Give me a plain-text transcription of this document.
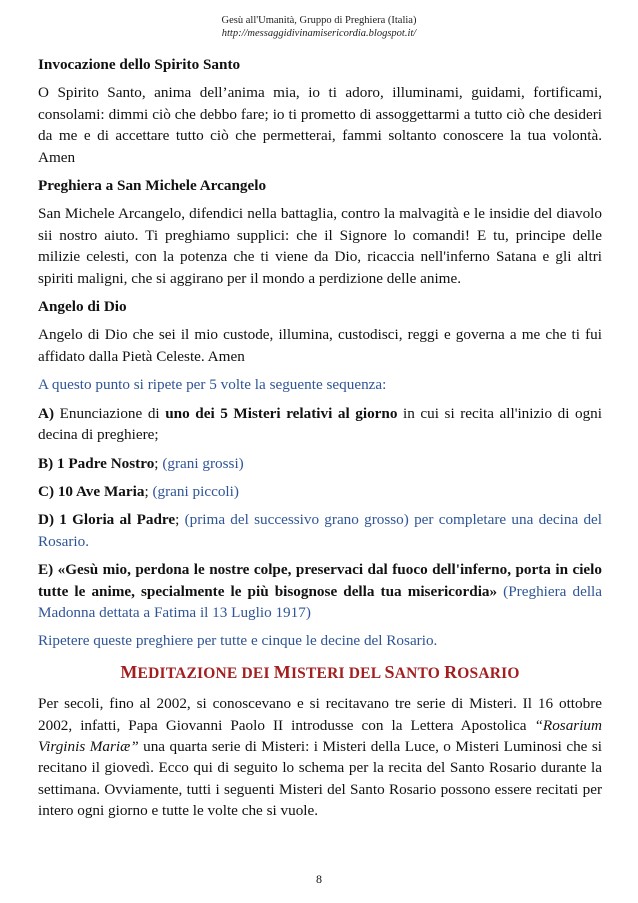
Gesù all'Umanità, Gruppo di Preghiera (Italia)
http://messaggidivinamisericordia.blogspot.it/
Invocazione dello Spirito Santo

O Spirito Santo, anima dell’anima mia, io ti adoro, illuminami, guidami, fortificami, consolami: dimmi ciò che debbo fare; io ti prometto di assoggettarmi a tutto ciò che desideri da me e di accettare tutto ciò che permetterai, fammi soltanto conoscere la tua volontà. Amen

Preghiera a San Michele Arcangelo

San Michele Arcangelo, difendici nella battaglia, contro la malvagità e le insidie del diavolo sii nostro aiuto. Ti preghiamo supplici: che il Signore lo comandi! E tu, principe delle milizie celesti, con la potenza che ti viene da Dio, ricaccia nell'inferno Satana e gli altri spiriti maligni, che si aggirano per il mondo a perdizione delle anime.

Angelo di Dio

Angelo di Dio che sei il mio custode, illumina, custodisci, reggi e governa a me che ti fui affidato dalla Pietà Celeste. Amen

A questo punto si ripete per 5 volte la seguente sequenza:

A) Enunciazione di uno dei 5 Misteri relativi al giorno in cui si recita all'inizio di ogni decina di preghiere;

B) 1 Padre Nostro; (grani grossi)

C) 10 Ave Maria; (grani piccoli)

D) 1 Gloria al Padre; (prima del successivo grano grosso) per completare una decina del Rosario.

E) «Gesù mio, perdona le nostre colpe, preservaci dal fuoco dell'inferno, porta in cielo tutte le anime, specialmente le più bisognose della tua misericordia» (Preghiera della Madonna dettata a Fatima il 13 Luglio 1917)

Ripetere queste preghiere per tutte e cinque le decine del Rosario.

MEDITAZIONE DEI MISTERI DEL SANTO ROSARIO

Per secoli, fino al 2002, si conoscevano e si recitavano tre serie di Misteri. Il 16 ottobre 2002, infatti, Papa Giovanni Paolo II introdusse con la Lettera Apostolica “Rosarium Virginis Mariæ” una quarta serie di Misteri: i Misteri della Luce, o Misteri Luminosi che si recitano il giovedì. Ecco qui di seguito lo schema per la recita del Santo Rosario durante la settimana. Ovviamente, tutti i seguenti Misteri del Santo Rosario possono essere recitati per intero ogni giorno e tutte le volte che si vuole.

8
